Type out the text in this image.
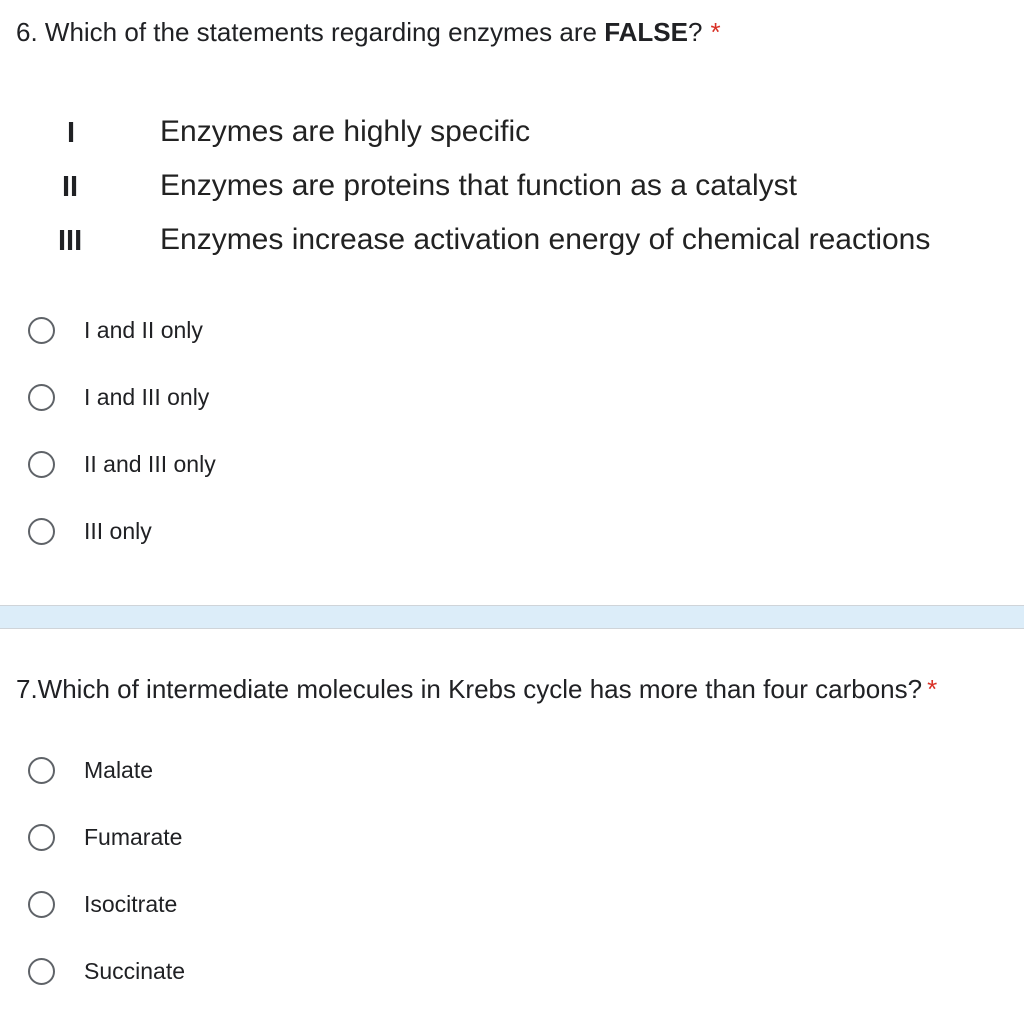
6. Which of the statements regarding enzymes are FALSE? *
I	Enzymes are highly specific
II	Enzymes are proteins that function as a catalyst
III	Enzymes increase activation energy of chemical reactions
I and II only
I and III only
II and III only
III only
7.Which of intermediate molecules in Krebs cycle has more than four carbons? *
Malate
Fumarate
Isocitrate
Succinate
